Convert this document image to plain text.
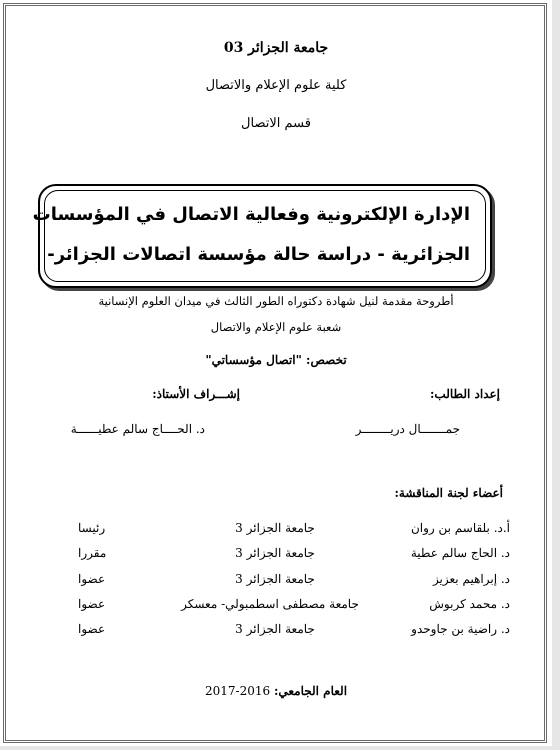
جامعة الجزائر 03
كلية علوم الإعلام والاتصال
قسم الاتصال
الإدارة الإلكترونية وفعالية الاتصال في المؤسسات
الجزائرية - دراسة حالة مؤسسة اتصالات الجزائر-
أطروحة مقدمة لنيل شهادة دكتوراه الطور الثالث في ميدان العلوم الإنسانية
شعبة علوم الإعلام والاتصال
تخصص: "اتصال مؤسساتي"
إعداد الطالب:
إشـــراف الأستاذ:
جمـــــــال دريــــــــر
د. الحــــاج سالم عطيــــــة
أعضاء لجنة المناقشة:
أ.د. بلقاسم بن روان
جامعة الجزائر 3
رئيسا
د. الحاج سالم عطية
جامعة الجزائر 3
مقررا
د. إبراهيم بعزيز
جامعة الجزائر 3
عضوا
د. محمد كربوش
جامعة مصطفى اسطمبولي- معسكر
عضوا
د. راضية بن جاوحدو
جامعة الجزائر 3
عضوا
العام الجامعي: 2016-2017
